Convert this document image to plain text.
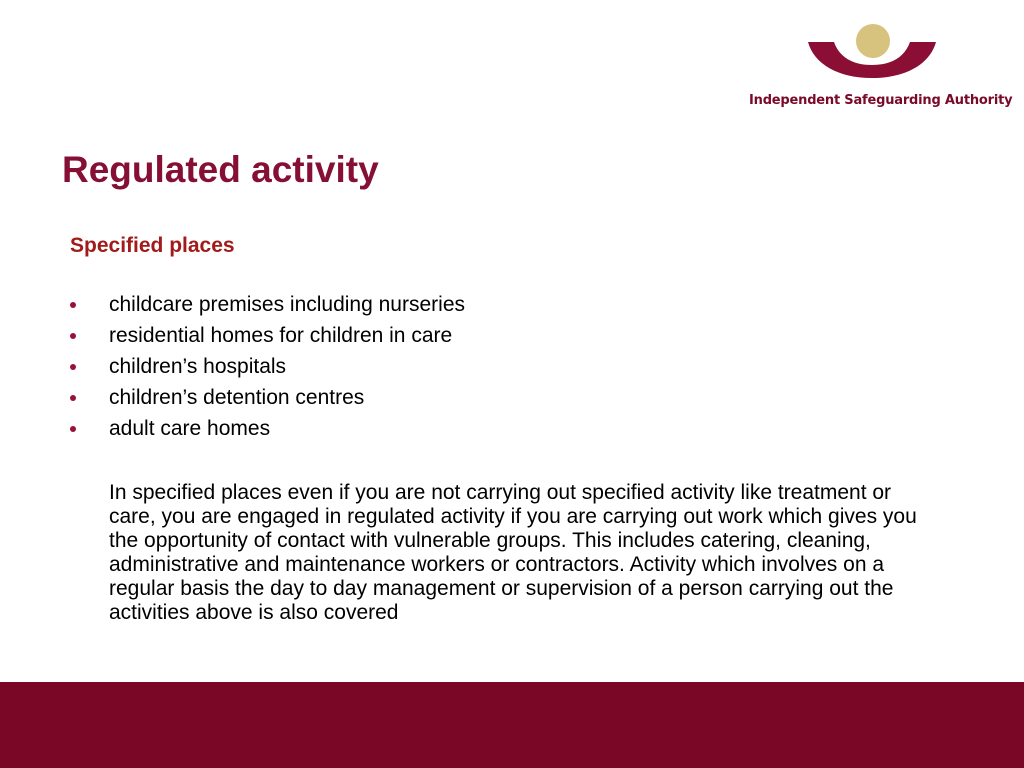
Independent Safeguarding Authority
Regulated activity
Specified places
childcare premises including nurseries
residential homes for children in care
children’s hospitals
children’s detention centres
adult care homes

In specified places even if you are not carrying out specified activity like treatment or care, you are engaged in regulated activity if you are carrying out work which gives you the opportunity of contact with vulnerable groups. This includes catering, cleaning, administrative and maintenance workers or contractors. Activity which involves on a regular basis the day to day management or supervision of a person carrying out the activities above is also covered
